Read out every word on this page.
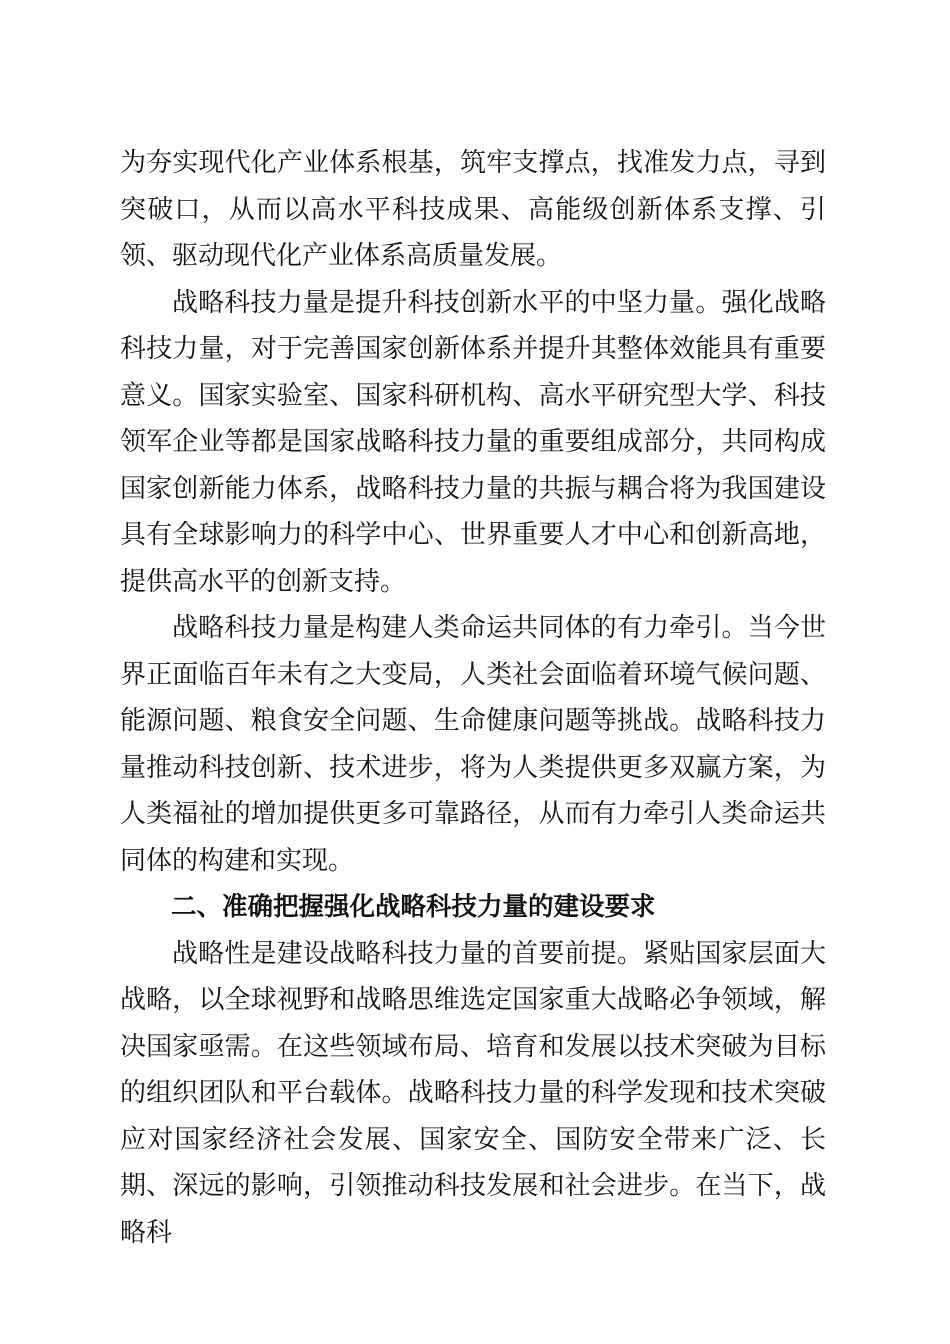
为夯实现代化产业体系根基，筑牢支撑点，找准发力点，寻到突破口，从而以高水平科技成果、高能级创新体系支撑、引领、驱动现代化产业体系高质量发展。

战略科技力量是提升科技创新水平的中坚力量。强化战略科技力量，对于完善国家创新体系并提升其整体效能具有重要意义。国家实验室、国家科研机构、高水平研究型大学、科技领军企业等都是国家战略科技力量的重要组成部分，共同构成国家创新能力体系，战略科技力量的共振与耦合将为我国建设具有全球影响力的科学中心、世界重要人才中心和创新高地，提供高水平的创新支持。

战略科技力量是构建人类命运共同体的有力牵引。当今世界正面临百年未有之大变局，人类社会面临着环境气候问题、能源问题、粮食安全问题、生命健康问题等挑战。战略科技力量推动科技创新、技术进步，将为人类提供更多双赢方案，为人类福祉的增加提供更多可靠路径，从而有力牵引人类命运共同体的构建和实现。

二、准确把握强化战略科技力量的建设要求

战略性是建设战略科技力量的首要前提。紧贴国家层面大战略，以全球视野和战略思维选定国家重大战略必争领域，解决国家亟需。在这些领域布局、培育和发展以技术突破为目标的组织团队和平台载体。战略科技力量的科学发现和技术突破应对国家经济社会发展、国家安全、国防安全带来广泛、长期、深远的影响，引领推动科技发展和社会进步。在当下，战略科
